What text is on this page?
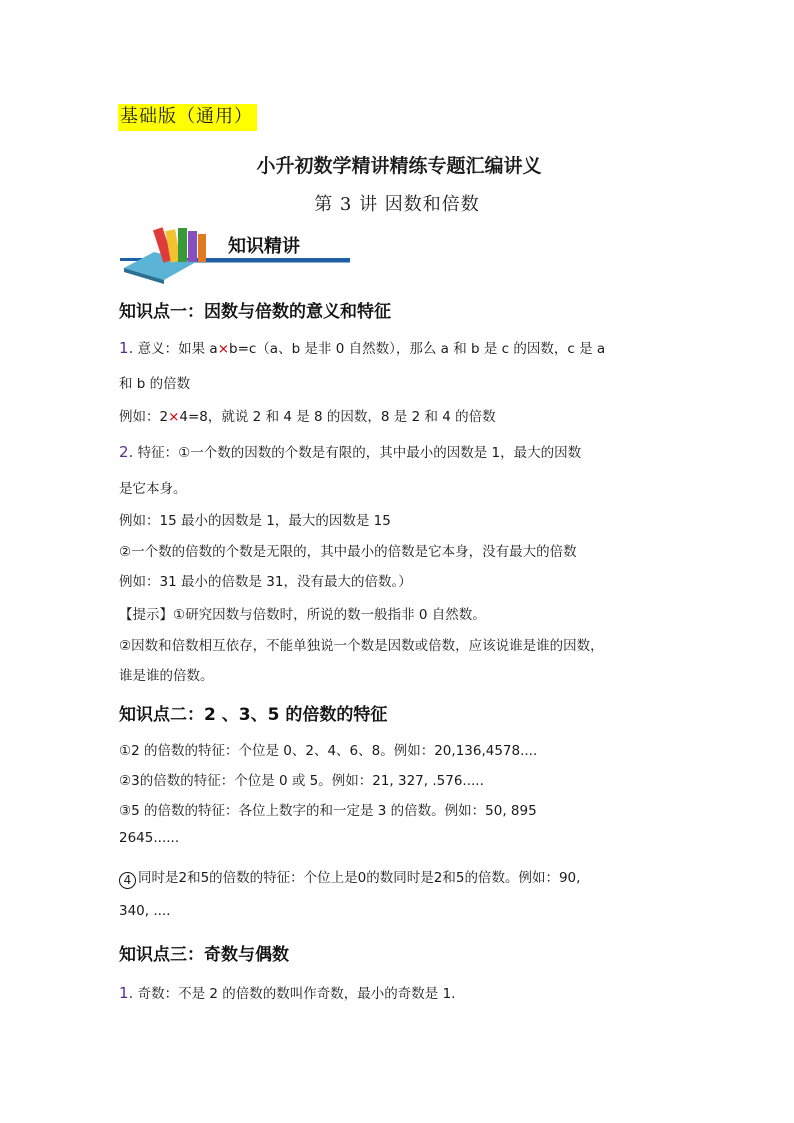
基础版（通用）
小升初数学精讲精练专题汇编讲义
第 3 讲 因数和倍数
知识精讲
知识点一：因数与倍数的意义和特征
1. 意义：如果 a×b=c（a、b 是非 0 自然数），那么 a 和 b 是 c 的因数，c 是 a
和 b 的倍数
例如：2×4=8，就说 2 和 4 是 8 的因数，8 是 2 和 4 的倍数
2. 特征：①一个数的因数的个数是有限的，其中最小的因数是 1，最大的因数
是它本身。
例如：15 最小的因数是 1，最大的因数是 15
②一个数的倍数的个数是无限的，其中最小的倍数是它本身，没有最大的倍数
例如：31 最小的倍数是 31，没有最大的倍数。）
【提示】①研究因数与倍数时，所说的数一般指非 0 自然数。
②因数和倍数相互依存，不能单独说一个数是因数或倍数，应该说谁是谁的因数，
谁是谁的倍数。
知识点二：2 、3、5 的倍数的特征
①2 的倍数的特征：个位是 0、2、4、6、8。例如：20,136,4578....
②3的倍数的特征：个位是 0 或 5。例如：21, 327, .576.....
③5 的倍数的特征：各位上数字的和一定是 3 的倍数。例如：50, 895
2645......
4 同时是2和5的倍数的特征：个位上是0的数同时是2和5的倍数。例如：90,
340, ....
知识点三：奇数与偶数
1. 奇数：不是 2 的倍数的数叫作奇数，最小的奇数是 1.
